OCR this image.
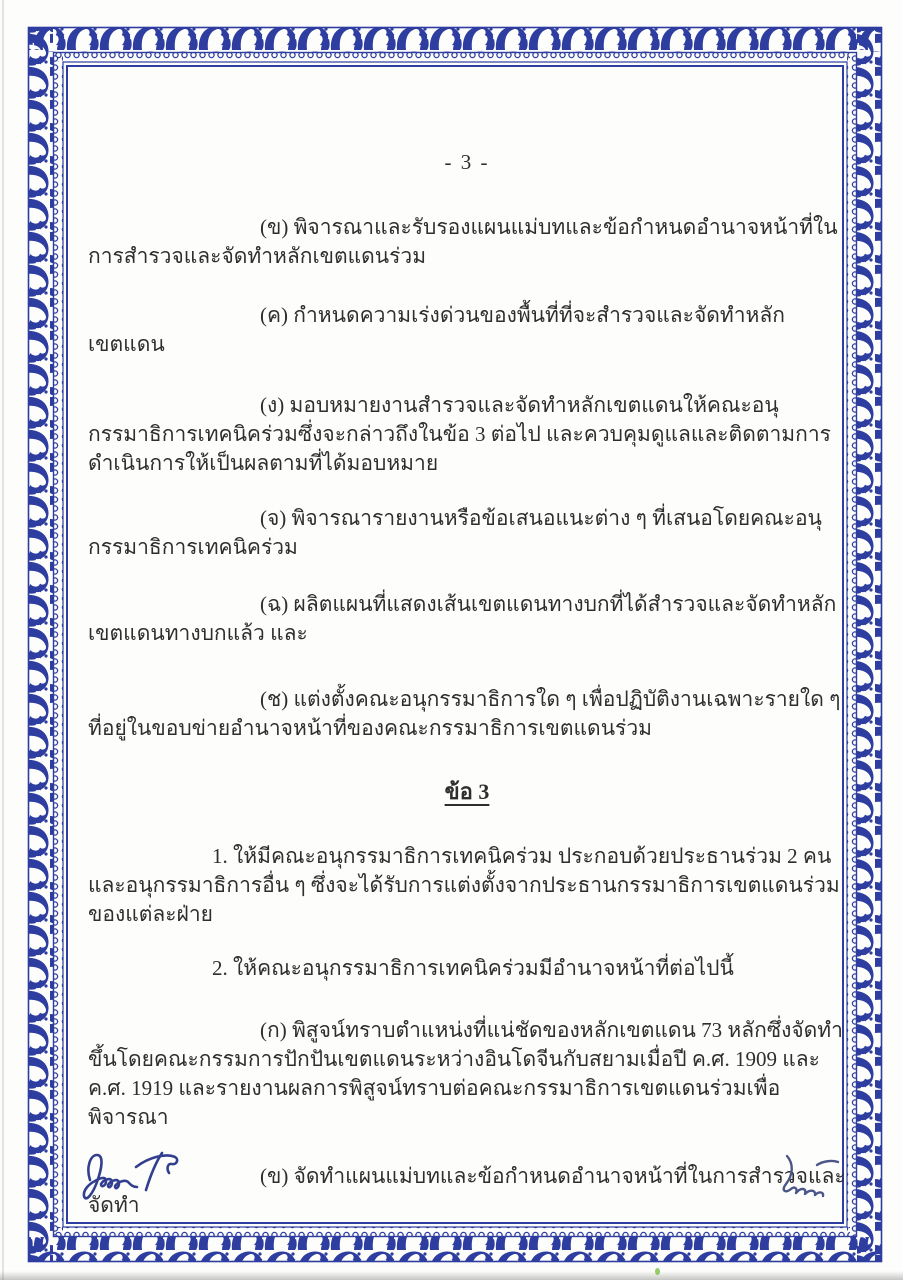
- 3 -

(ข) พิจารณาและรับรองแผนแม่บทและข้อกำหนดอำนาจหน้าที่ในการสำรวจและจัดทำหลักเขตแดนร่วม

(ค) กำหนดความเร่งด่วนของพื้นที่ที่จะสำรวจและจัดทำหลักเขตแดน

(ง) มอบหมายงานสำรวจและจัดทำหลักเขตแดนให้คณะอนุกรรมาธิการเทคนิคร่วมซึ่งจะกล่าวถึงในข้อ 3 ต่อไป และควบคุมดูแลและติดตามการดำเนินการให้เป็นผลตามที่ได้มอบหมาย

(จ) พิจารณารายงานหรือข้อเสนอแนะต่าง ๆ ที่เสนอโดยคณะอนุกรรมาธิการเทคนิคร่วม

(ฉ) ผลิตแผนที่แสดงเส้นเขตแดนทางบกที่ได้สำรวจและจัดทำหลักเขตแดนทางบกแล้ว และ

(ช) แต่งตั้งคณะอนุกรรมาธิการใด ๆ เพื่อปฏิบัติงานเฉพาะรายใด ๆ ที่อยู่ในขอบข่ายอำนาจหน้าที่ของคณะกรรมาธิการเขตแดนร่วม

ข้อ 3

1. ให้มีคณะอนุกรรมาธิการเทคนิคร่วม ประกอบด้วยประธานร่วม 2 คนและอนุกรรมาธิการอื่น ๆ ซึ่งจะได้รับการแต่งตั้งจากประธานกรรมาธิการเขตแดนร่วมของแต่ละฝ่าย

2. ให้คณะอนุกรรมาธิการเทคนิคร่วมมีอำนาจหน้าที่ต่อไปนี้

(ก) พิสูจน์ทราบตำแหน่งที่แน่ชัดของหลักเขตแดน 73 หลักซึ่งจัดทำขึ้นโดยคณะกรรมการปักปันเขตแดนระหว่างอินโดจีนกับสยามเมื่อปี ค.ศ. 1909 และ ค.ศ. 1919 และรายงานผลการพิสูจน์ทราบต่อคณะกรรมาธิการเขตแดนร่วมเพื่อพิจารณา

(ข) จัดทำแผนแม่บทและข้อกำหนดอำนาจหน้าที่ในการสำรวจและจัดทำ
